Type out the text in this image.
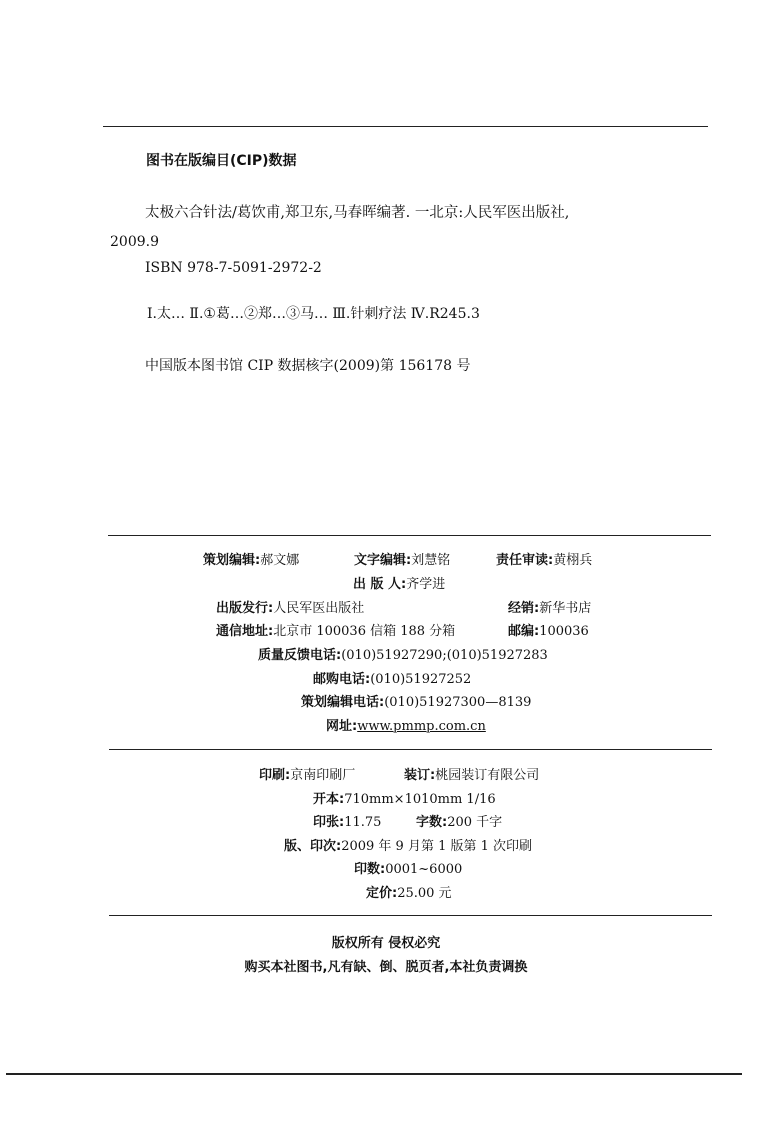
图书在版编目(CIP)数据
太极六合针法/葛饮甫,郑卫东,马春晖编著. 一北京:人民军医出版社,
2009.9
ISBN 978-7-5091-2972-2
Ⅰ.太… Ⅱ.①葛…②郑…③马… Ⅲ.针刺疗法 Ⅳ.R245.3
中国版本图书馆 CIP 数据核字(2009)第 156178 号
策划编辑:郝文娜	文字编辑:刘慧铭	责任审读:黄栩兵
出 版 人:齐学进
出版发行:人民军医出版社	经销:新华书店
通信地址:北京市 100036 信箱 188 分箱	邮编:100036
质量反馈电话:(010)51927290;(010)51927283
邮购电话:(010)51927252
策划编辑电话:(010)51927300—8139
网址:www.pmmp.com.cn
印刷:京南印刷厂	装订:桃园装订有限公司
开本:710mm×1010mm 1/16
印张:11.75	字数:200 千字
版、印次:2009 年 9 月第 1 版第 1 次印刷
印数:0001~6000
定价:25.00 元
版权所有 侵权必究
购买本社图书,凡有缺、倒、脱页者,本社负责调换
